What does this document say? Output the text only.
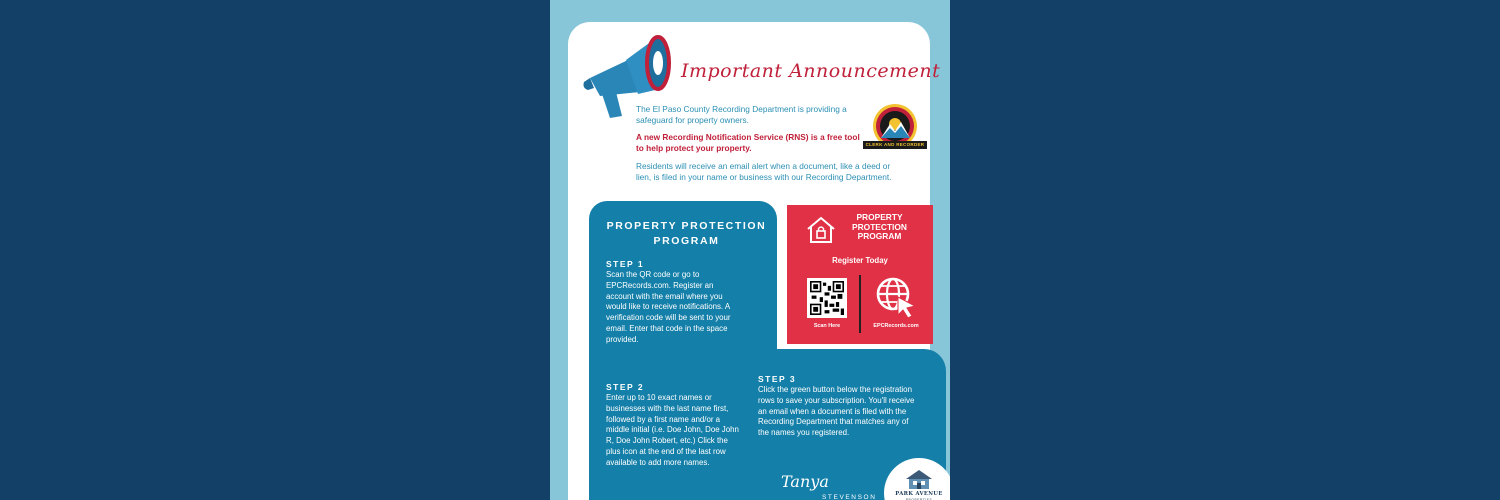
Important Announcement
The El Paso County Recording Department is providing a safeguard for property owners.
A new Recording Notification Service (RNS) is a free tool to help protect your property.
Residents will receive an email alert when a document, like a deed or lien, is filed in your name or business with our Recording Department.
CLERK AND RECORDER
PROPERTY PROTECTION PROGRAM
STEP 1
Scan the QR code or go to EPCRecords.com. Register an account with the email where you would like to receive notifications. A verification code will be sent to your email. Enter that code in the space provided.
STEP 2
Enter up to 10 exact names or businesses with the last name first, followed by a first name and/or a middle initial (i.e. Doe John, Doe John R, Doe John Robert, etc.) Click the plus icon at the end of the last row available to add more names.
STEP 3
Click the green button below the registration rows to save your subscription. You'll receive an email when a document is filed with the Recording Department that matches any of the names you registered.
PROPERTY PROTECTION PROGRAM
Register Today
Scan Here	EPCRecords.com
Tanya
STEVENSON	PARK AVENUE
PROPERTIES
